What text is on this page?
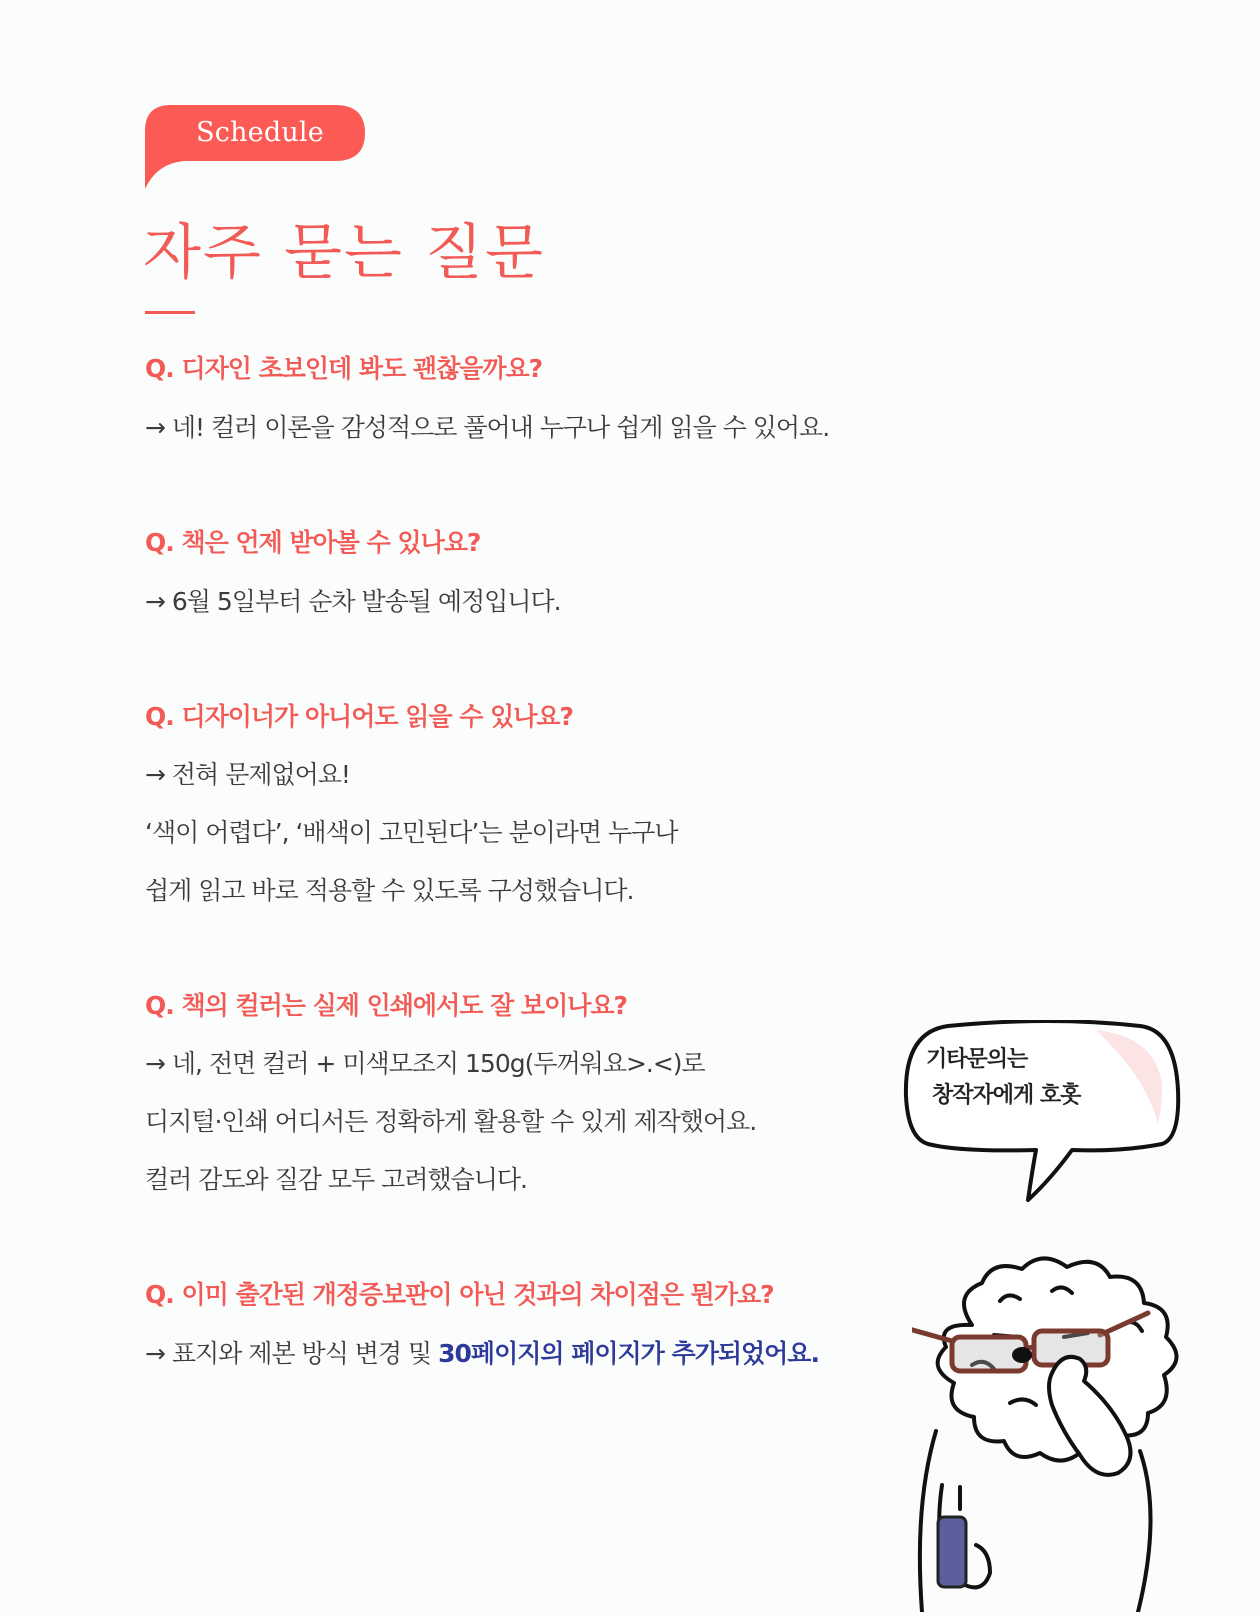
Schedule
자주 묻는 질문

Q. 디자인 초보인데 봐도 괜찮을까요?

→ 네! 컬러 이론을 감성적으로 풀어내 누구나 쉽게 읽을 수 있어요.

Q. 책은 언제 받아볼 수 있나요?

→ 6월 5일부터 순차 발송될 예정입니다.

Q. 디자이너가 아니어도 읽을 수 있나요?

→ 전혀 문제없어요!

‘색이 어렵다’, ‘배색이 고민된다’는 분이라면 누구나

쉽게 읽고 바로 적용할 수 있도록 구성했습니다.

Q. 책의 컬러는 실제 인쇄에서도 잘 보이나요?

→ 네, 전면 컬러 + 미색모조지 150g(두꺼워요>.<)로

디지털·인쇄 어디서든 정확하게 활용할 수 있게 제작했어요.

컬러 감도와 질감 모두 고려했습니다.

Q. 이미 출간된 개정증보판이 아닌 것과의 차이점은 뭔가요?

→ 표지와 제본 방식 변경 및 30페이지의 페이지가 추가되었어요.

기타문의는
창작자에게 호홋
